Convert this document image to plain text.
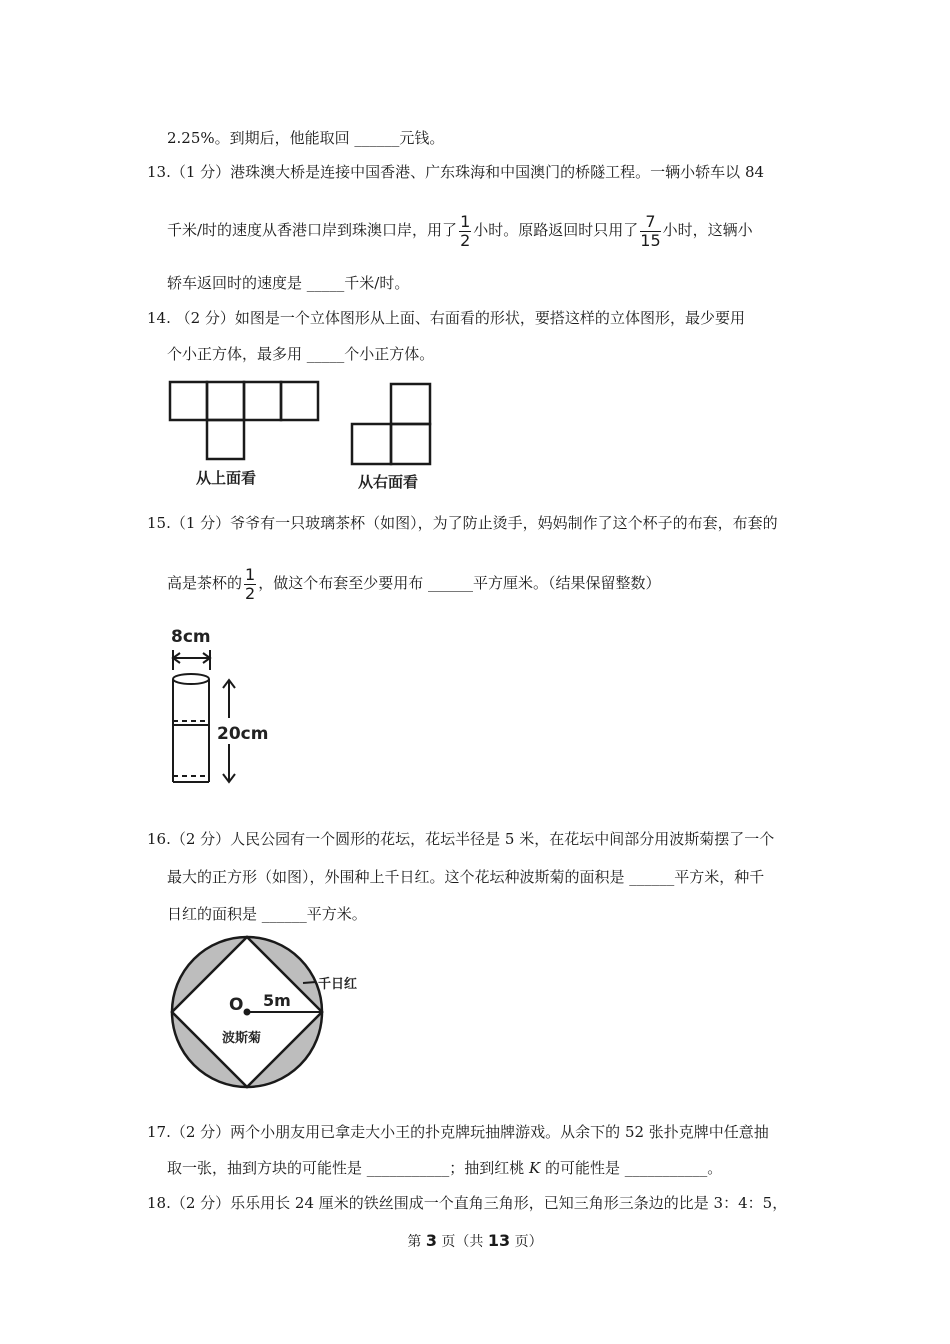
2.25%。到期后，他能取回 ______元钱。
13.（1 分）港珠澳大桥是连接中国香港、广东珠海和中国澳门的桥隧工程。一辆小轿车以 84
千米/时的速度从香港口岸到珠澳口岸，用了 $\frac{1}{2}$ 小时。原路返回时只用了 $\frac{7}{15}$ 小时，这辆小
轿车返回时的速度是 _____千米/时。
14. （2 分）如图是一个立体图形从上面、右面看的形状，要搭这样的立体图形，最少要用
个小正方体，最多用 _____个小正方体。
从上面看	从右面看
15.（1 分）爷爷有一只玻璃茶杯（如图），为了防止烫手，妈妈制作了这个杯子的布套，布套的
高是茶杯的 $\frac{1}{2}$ ，做这个布套至少要用布 ______平方厘米。（结果保留整数）
8cm
20cm
16.（2 分）人民公园有一个圆形的花坛，花坛半径是 5 米，在花坛中间部分用波斯菊摆了一个
最大的正方形（如图），外围种上千日红。这个花坛种波斯菊的面积是 ______平方米，种千
日红的面积是 ______平方米。
O 5m
波斯菊
千日红
17.（2 分）两个小朋友用已拿走大小王的扑克牌玩抽牌游戏。从余下的 52 张扑克牌中任意抽
取一张，抽到方块的可能性是 ___________；抽到红桃 K 的可能性是 ___________。
18.（2 分）乐乐用长 24 厘米的铁丝围成一个直角三角形，已知三角形三条边的比是 3：4：5，
第 3 页（共 13 页）
